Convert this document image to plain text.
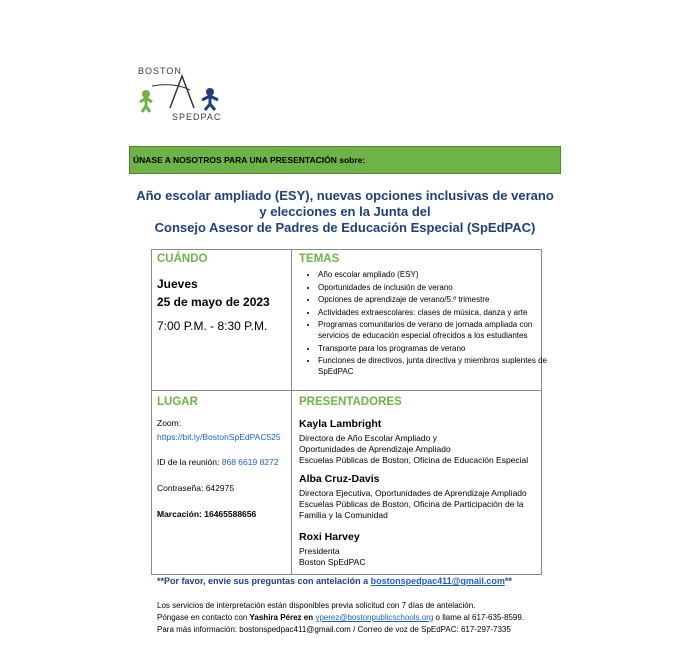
BOSTON
SPEDPAC
ÚNASE A NOSOTROS PARA UNA PRESENTACIÓN sobre:
Año escolar ampliado (ESY), nuevas opciones inclusivas de verano
y elecciones en la Junta del
Consejo Asesor de Padres de Educación Especial (SpEdPAC)
CUÁNDO
Jueves
25 de mayo de 2023
7:00 P.M. - 8:30 P.M.
TEMAS
• Año escolar ampliado (ESY)
• Oportunidades de inclusión de verano
• Opciones de aprendizaje de verano/5.º trimestre
• Actividades extraescolares: clases de música, danza y arte
• Programas comunitarios de verano de jornada ampliada con servicios de educación especial ofrecidos a los estudiantes
• Transporte para los programas de verano
• Funciones de directivos, junta directiva y miembros suplentes de SpEdPAC
LUGAR
Zoom:
https://bit.ly/BostonSpEdPAC525
ID de la reunión: 868 6619 8272
Contraseña: 642975
Marcación: 16465588656
PRESENTADORES
Kayla Lambright
Directora de Año Escolar Ampliado y
Oportunidades de Aprendizaje Ampliado
Escuelas Públicas de Boston, Oficina de Educación Especial
Alba Cruz-Davis
Directora Ejecutiva, Oportunidades de Aprendizaje Ampliado
Escuelas Públicas de Boston, Oficina de Participación de la
Familia y la Comunidad
Roxi Harvey
Presidenta
Boston SpEdPAC
**Por favor, envíe sus preguntas con antelación a bostonspedpac411@gmail.com**
Los servicios de interpretación están disponibles previa solicitud con 7 días de antelación.
Póngase en contacto con Yashira Pérez en yperez@bostonpublicschools.org o llame al 617-635-8599.
Para más información: bostonspedpac411@gmail.com / Correo de voz de SpEdPAC: 617-297-7335
